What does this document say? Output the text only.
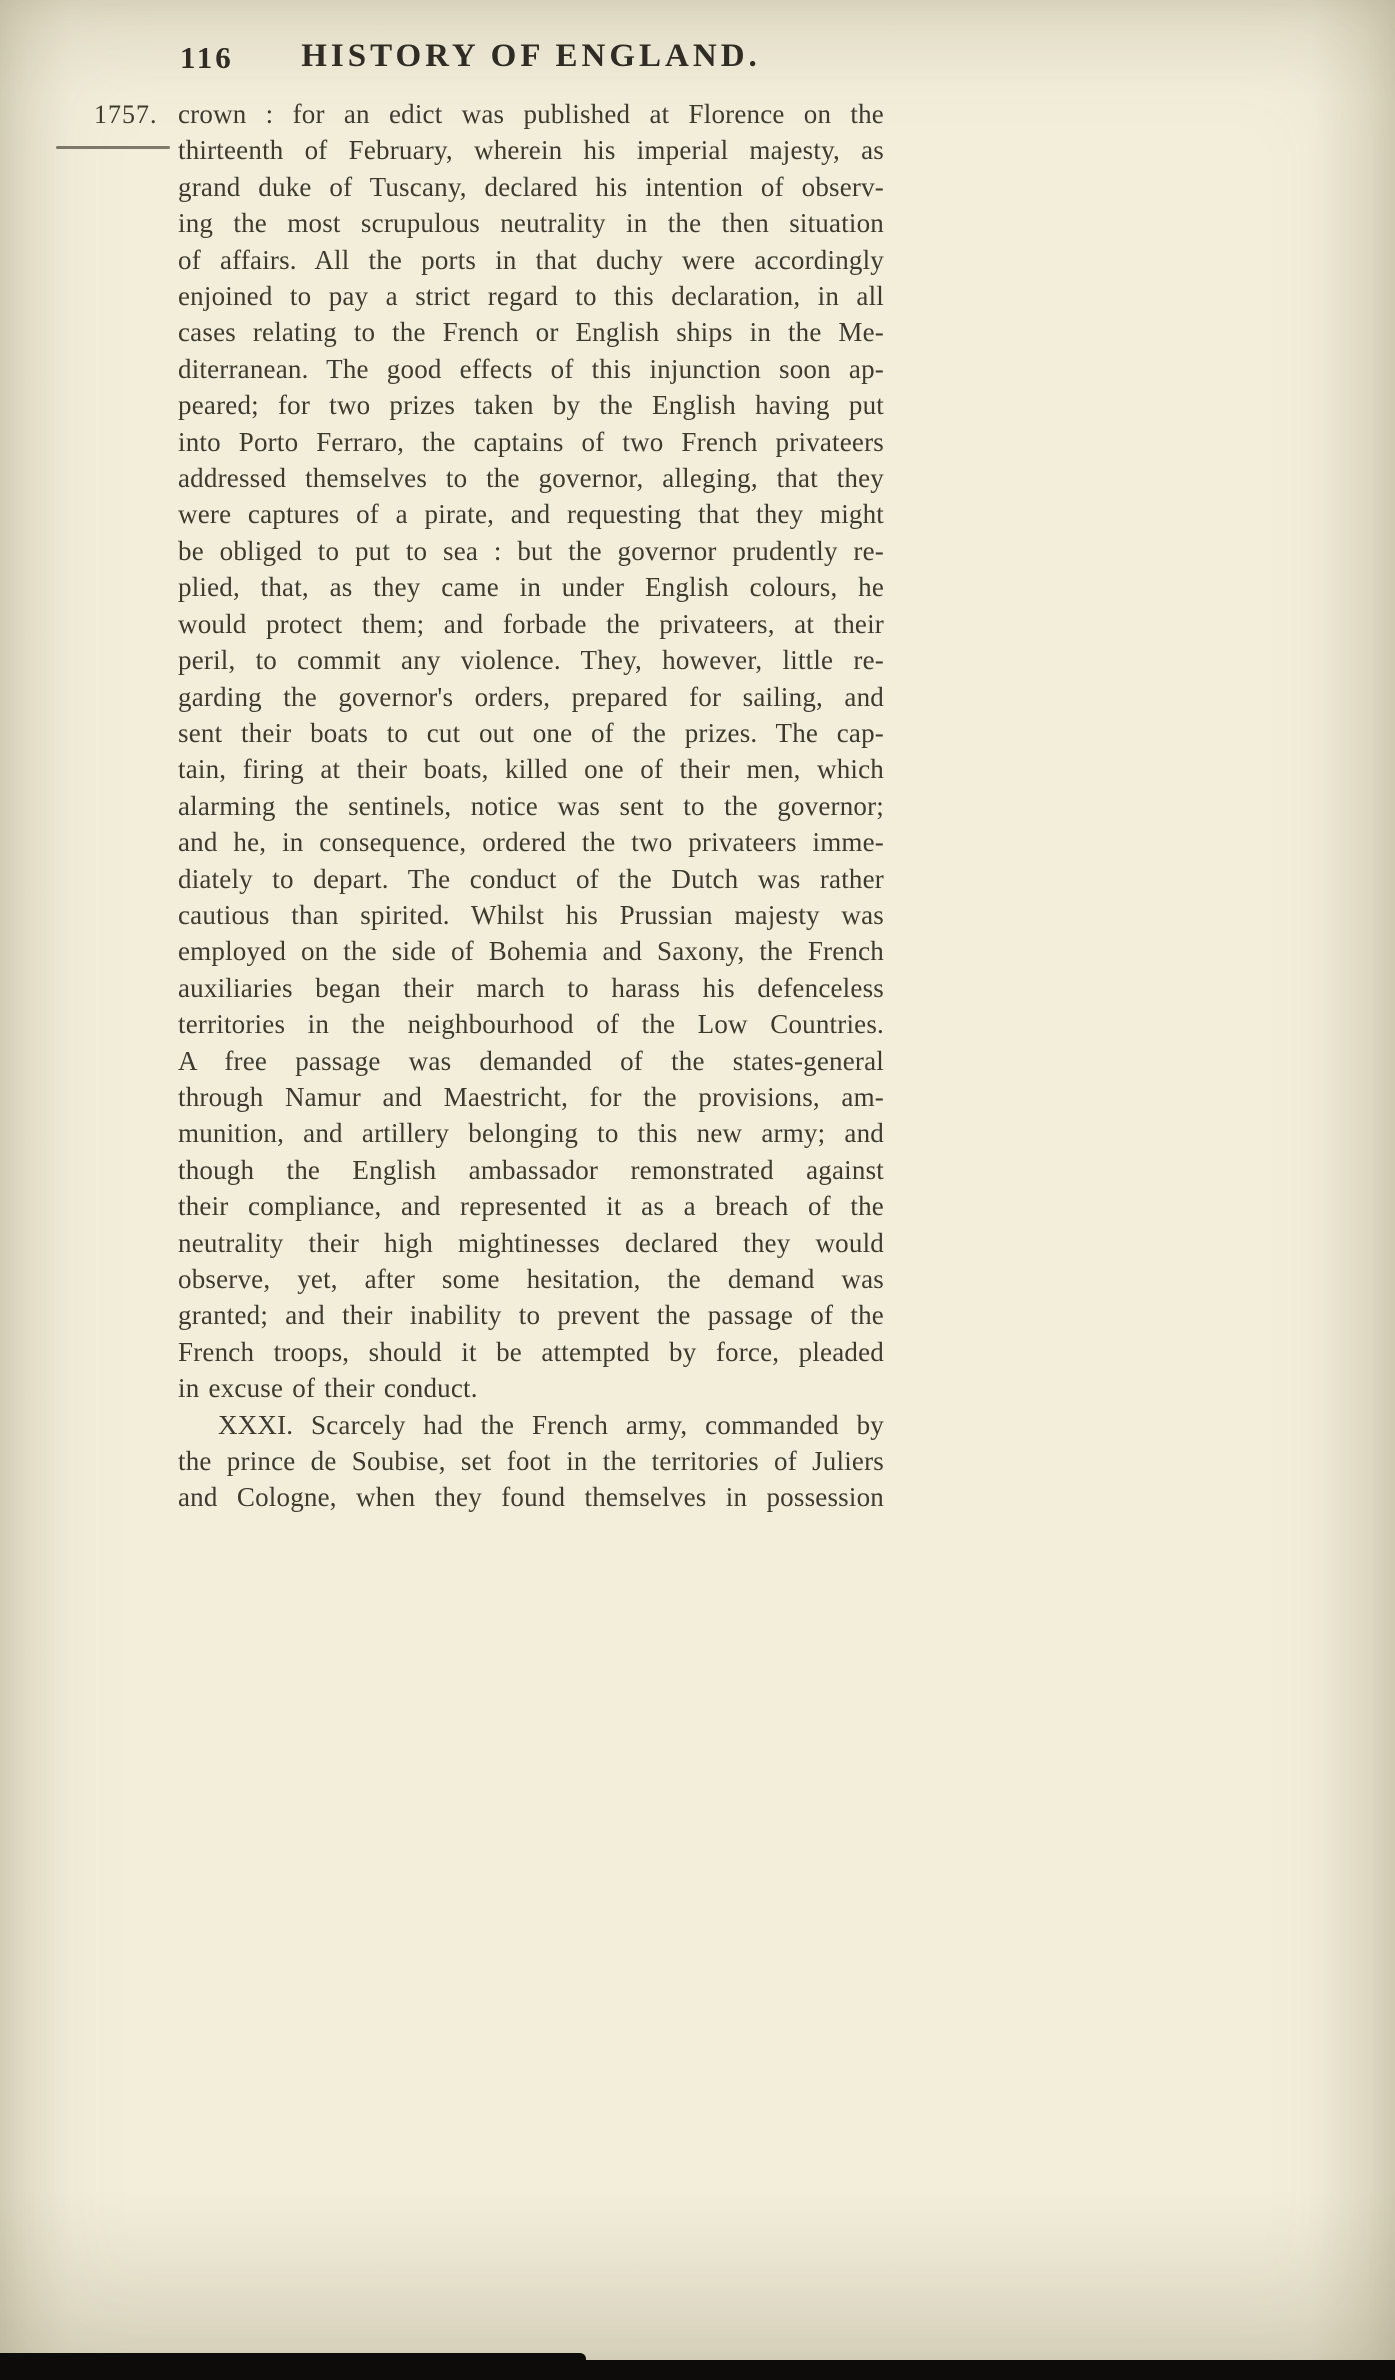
116	HISTORY OF ENGLAND.
1757. crown : for an edict was published at Florence on the
thirteenth of February, wherein his imperial majesty, as
grand duke of Tuscany, declared his intention of observ-
ing the most scrupulous neutrality in the then situation
of affairs. All the ports in that duchy were accordingly
enjoined to pay a strict regard to this declaration, in all
cases relating to the French or English ships in the Me-
diterranean. The good effects of this injunction soon ap-
peared; for two prizes taken by the English having put
into Porto Ferraro, the captains of two French privateers
addressed themselves to the governor, alleging, that they
were captures of a pirate, and requesting that they might
be obliged to put to sea : but the governor prudently re-
plied, that, as they came in under English colours, he
would protect them; and forbade the privateers, at their
peril, to commit any violence. They, however, little re-
garding the governor's orders, prepared for sailing, and
sent their boats to cut out one of the prizes. The cap-
tain, firing at their boats, killed one of their men, which
alarming the sentinels, notice was sent to the governor;
and he, in consequence, ordered the two privateers imme-
diately to depart. The conduct of the Dutch was rather
cautious than spirited. Whilst his Prussian majesty was
employed on the side of Bohemia and Saxony, the French
auxiliaries began their march to harass his defenceless
territories in the neighbourhood of the Low Countries.
A free passage was demanded of the states-general
through Namur and Maestricht, for the provisions, am-
munition, and artillery belonging to this new army; and
though the English ambassador remonstrated against
their compliance, and represented it as a breach of the
neutrality their high mightinesses declared they would
observe, yet, after some hesitation, the demand was
granted; and their inability to prevent the passage of the
French troops, should it be attempted by force, pleaded
in excuse of their conduct.
XXXI. Scarcely had the French army, commanded by
the prince de Soubise, set foot in the territories of Juliers
and Cologne, when they found themselves in possession
